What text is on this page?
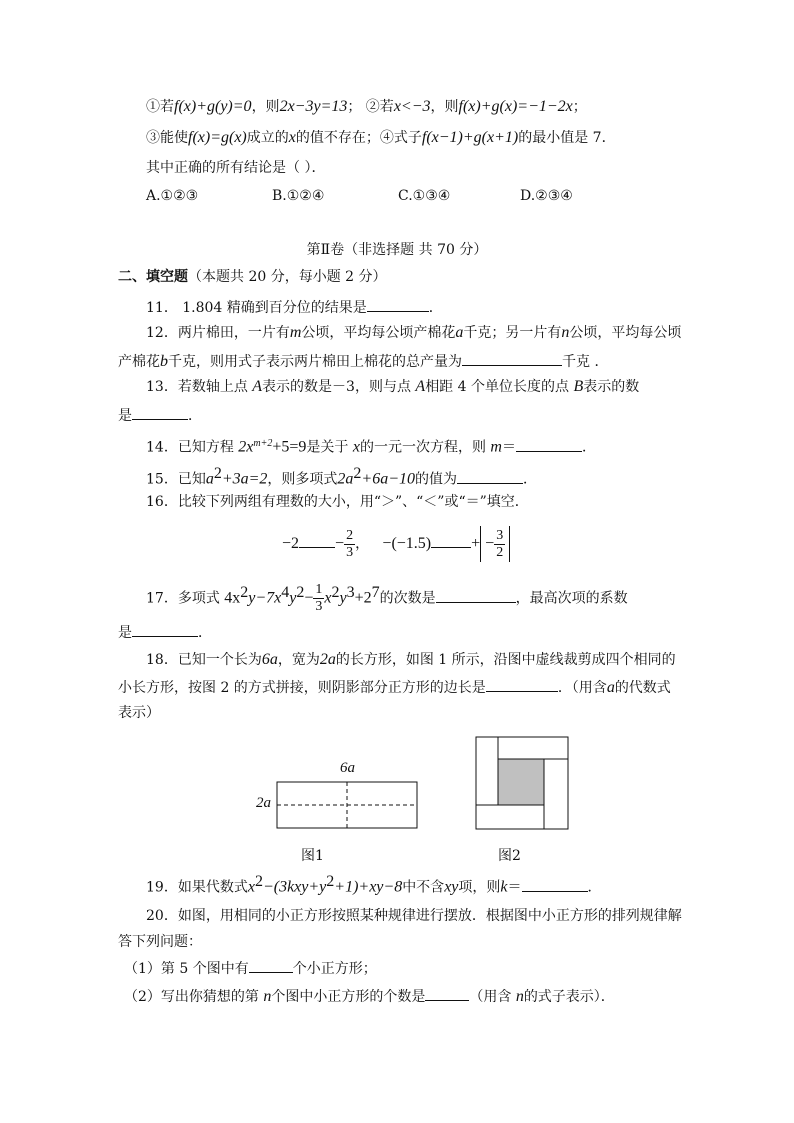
①若f(x)+g(y)=0，则2x−3y=13； ②若x<−3，则f(x)+g(x)=−1−2x；
③能使f(x)=g(x)成立的x的值不存在；④式子f(x−1)+g(x+1)的最小值是 7．
其中正确的所有结论是（ ）．
A.①②③	B.①②④	C.①③④	D.②③④
第Ⅱ卷（非选择题 共 70 分）
二、填空题（本题共 20 分，每小题 2 分）
11． 1.804 精确到百分位的结果是	．
12．两片棉田，一片有m公顷，平均每公顷产棉花a千克；另一片有n公顷，平均每公顷
产棉花b千克，则用式子表示两片棉田上棉花的总产量为	千克 ．
13．若数轴上点 A表示的数是－3，则与点 A相距 4 个单位长度的点 B表示的数
是	．
14．已知方程 $2x^{m+2}+5=9$是关于 x的一元一次方程，则 m＝	．
15．已知$a^2+3a=2$，则多项式$2a^2+6a-10$的值为	．
16．比较下列两组有理数的大小，用“＞”、“＜”或“＝”填空．
$-2 - \frac{2}{3}$ ， −(−1.5)	+ − $\frac{3}{2}$
17．多项式 $4x^2y-7x^4y^2- \frac{1}{3} x^2y^3+2^7$的次数是	，最高次项的系数
是	．
18．已知一个长为6a，宽为2a的长方形，如图 1 所示，沿图中虚线裁剪成四个相同的
小长方形，按图 2 的方式拼接，则阴影部分正方形的边长是	．（用含a的代数式
表示）
6a
2a
图1	图2
19．如果代数式$x^2-(3kxy+y^2+1)+xy-8$中不含xy项，则k＝	．
20．如图，用相同的小正方形按照某种规律进行摆放．根据图中小正方形的排列规律解
答下列问题：
（1）第 5 个图中有	个小正方形；
（2）写出你猜想的第 n个图中小正方形的个数是	（用含 n的式子表示）．
